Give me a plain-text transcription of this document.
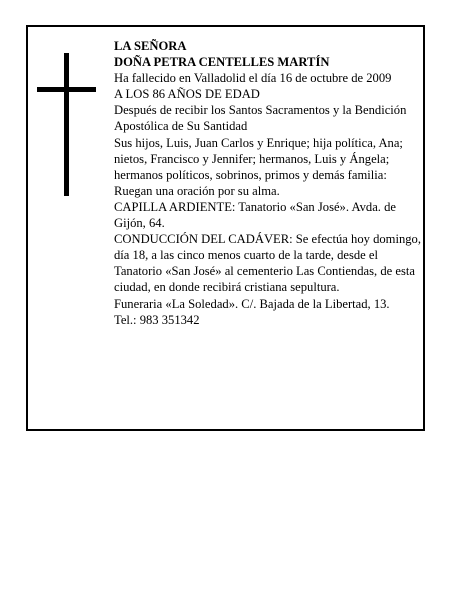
LA SEÑORA

DOÑA PETRA CENTELLES MARTÍN

Ha fallecido en Valladolid el día 16 de octubre de 2009

A LOS 86 AÑOS DE EDAD

Después de recibir los Santos Sacramentos y la Bendición Apostólica de Su Santidad

Sus hijos, Luis, Juan Carlos y Enrique; hija política, Ana; nietos, Francisco y Jennifer; hermanos, Luis y Ángela; hermanos políticos, sobrinos, primos y demás familia:

Ruegan una oración por su alma.

CAPILLA ARDIENTE: Tanatorio «San José». Avda. de Gijón, 64.

CONDUCCIÓN DEL CADÁVER: Se efectúa hoy domingo, día 18, a las cinco menos cuarto de la tarde, desde el Tanatorio «San José» al cementerio Las Contiendas, de esta ciudad, en donde recibirá cristiana sepultura.

Funeraria «La Soledad». C/. Bajada de la Libertad, 13.

Tel.: 983 351342
